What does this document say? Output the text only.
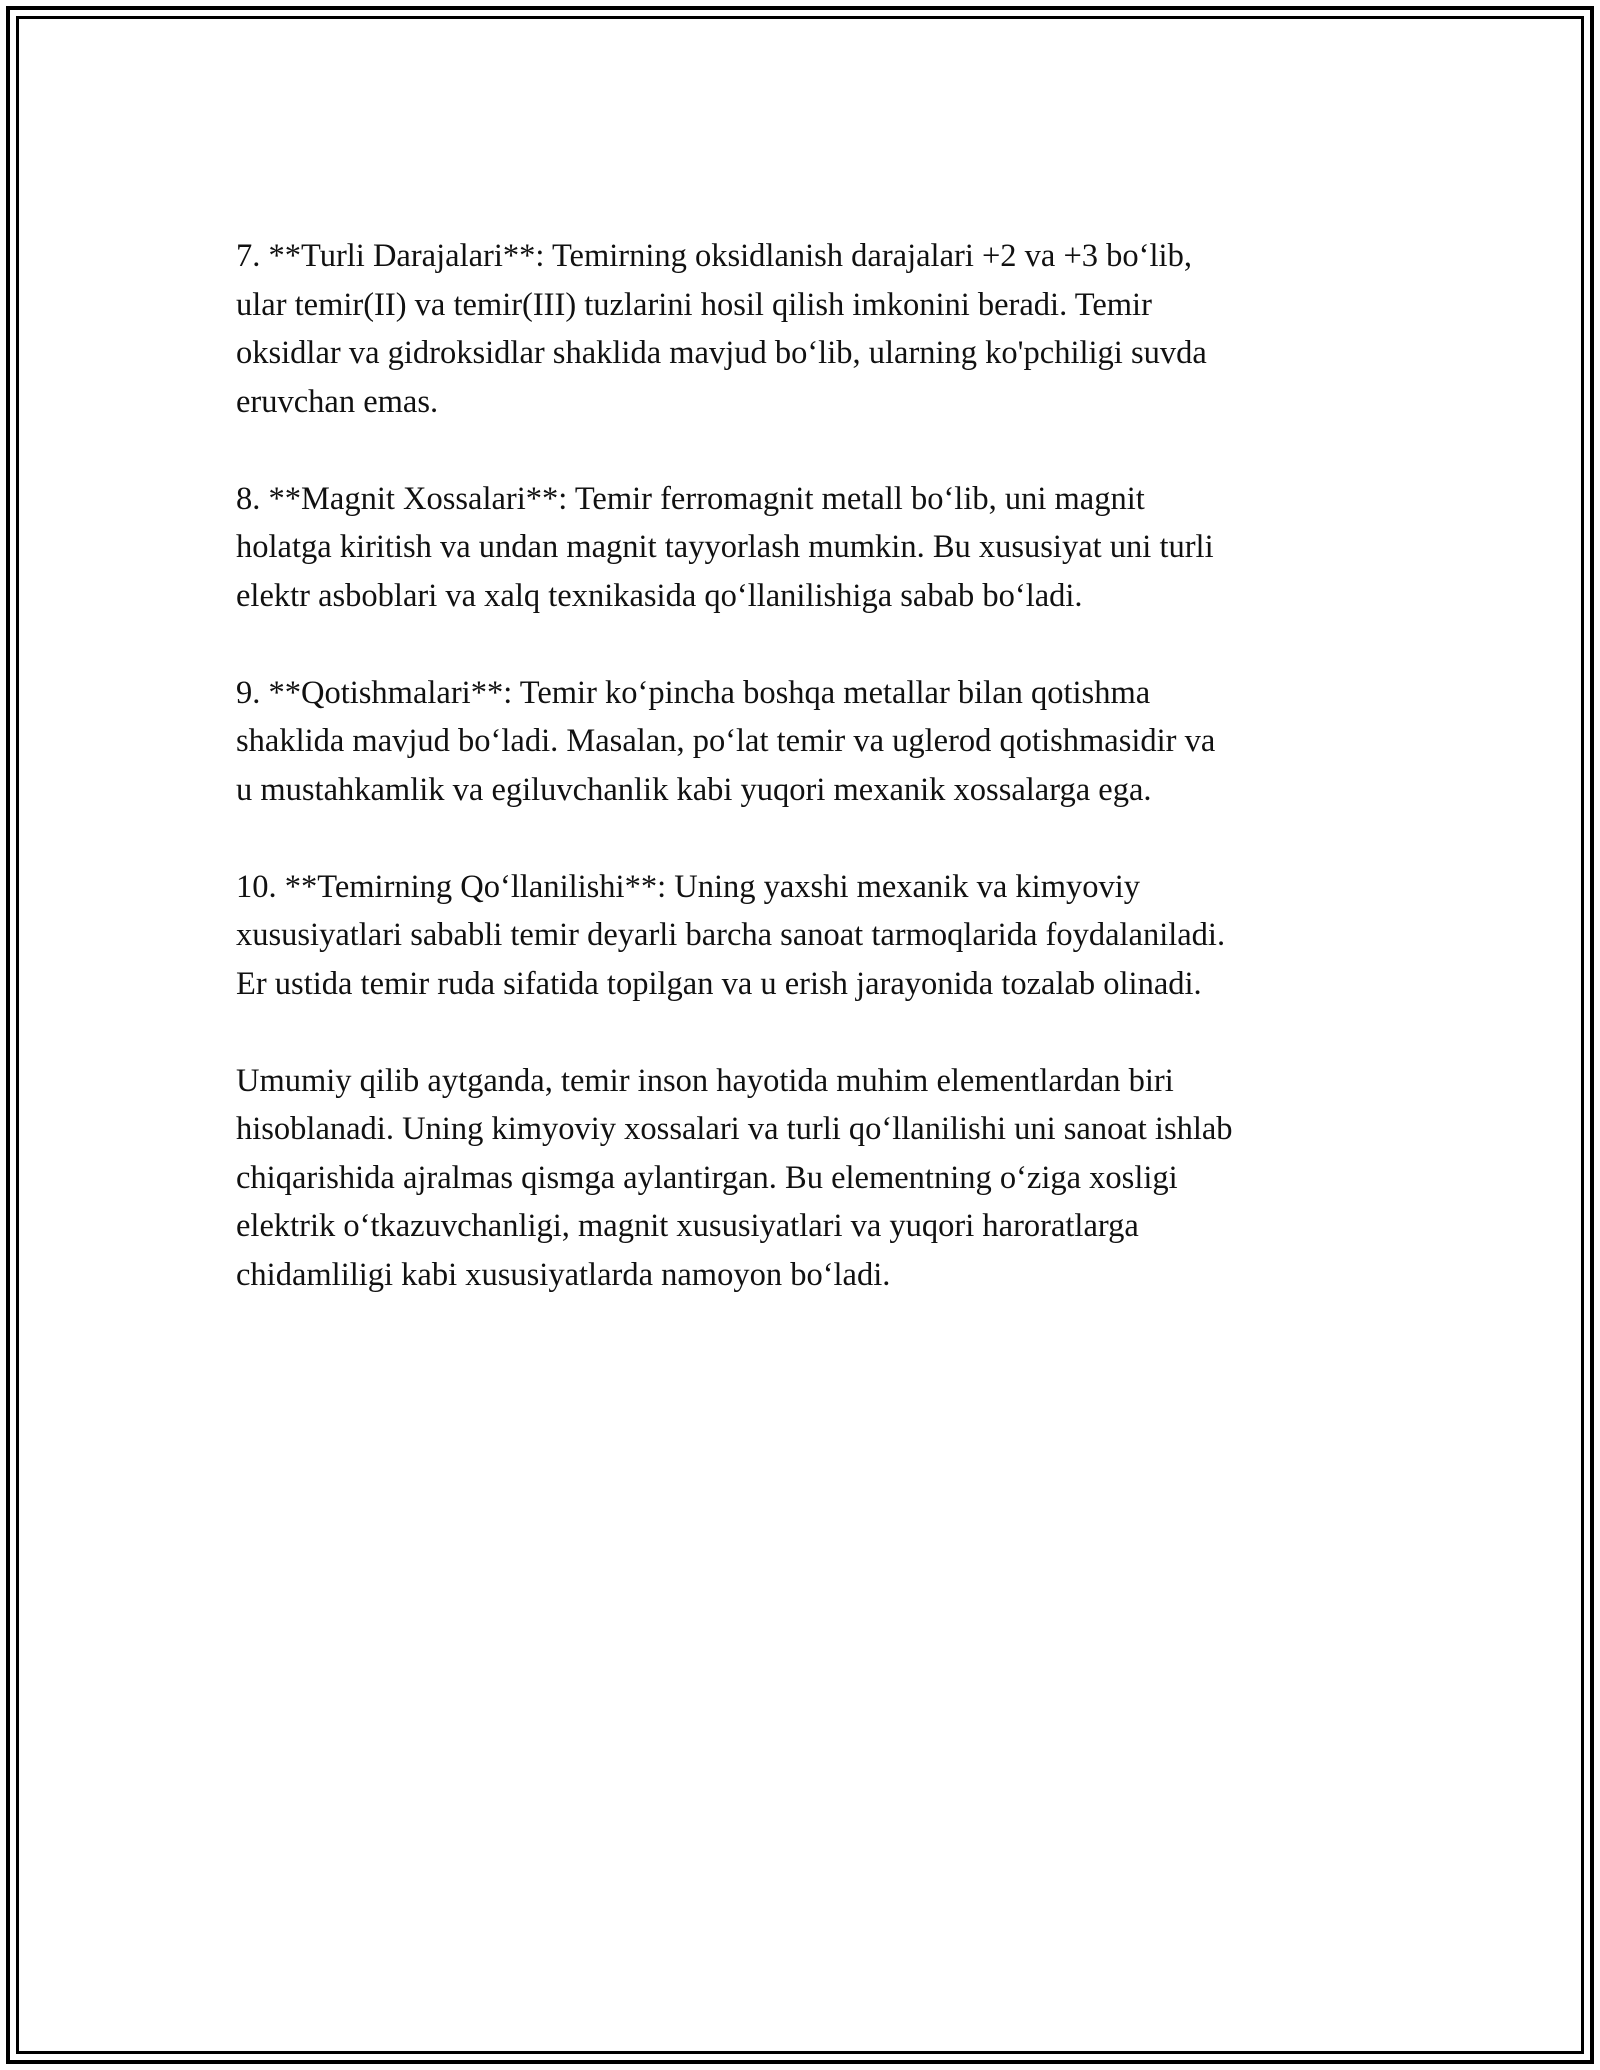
7. **Turli Darajalari**: Temirning oksidlanish darajalari +2 va +3 bo‘lib,
ular temir(II) va temir(III) tuzlarini hosil qilish imkonini beradi. Temir
oksidlar va gidroksidlar shaklida mavjud bo‘lib, ularning ko'pchiligi suvda
eruvchan emas.

8. **Magnit Xossalari**: Temir ferromagnit metall bo‘lib, uni magnit
holatga kiritish va undan magnit tayyorlash mumkin. Bu xususiyat uni turli
elektr asboblari va xalq texnikasida qo‘llanilishiga sabab bo‘ladi.

9. **Qotishmalari**: Temir ko‘pincha boshqa metallar bilan qotishma
shaklida mavjud bo‘ladi. Masalan, po‘lat temir va uglerod qotishmasidir va
u mustahkamlik va egiluvchanlik kabi yuqori mexanik xossalarga ega.

10. **Temirning Qo‘llanilishi**: Uning yaxshi mexanik va kimyoviy
xususiyatlari sababli temir deyarli barcha sanoat tarmoqlarida foydalaniladi.
Er ustida temir ruda sifatida topilgan va u erish jarayonida tozalab olinadi.

Umumiy qilib aytganda, temir inson hayotida muhim elementlardan biri
hisoblanadi. Uning kimyoviy xossalari va turli qo‘llanilishi uni sanoat ishlab
chiqarishida ajralmas qismga aylantirgan. Bu elementning o‘ziga xosligi
elektrik o‘tkazuvchanligi, magnit xususiyatlari va yuqori haroratlarga
chidamliligi kabi xususiyatlarda namoyon bo‘ladi.
